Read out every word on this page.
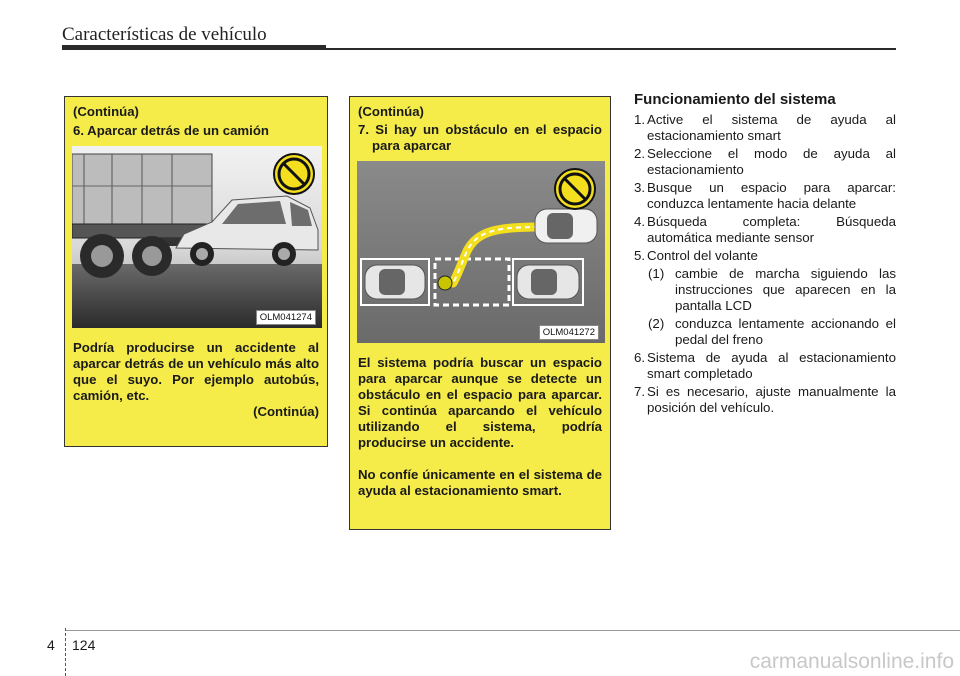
Características de vehículo

(Continúa)

6. Aparcar detrás de un camión

OLM041274

Podría producirse un accidente al aparcar detrás de un vehículo más alto que el suyo. Por ejemplo autobús, camión, etc.

(Continúa)

(Continúa)

7. Si hay un obstáculo en el espacio para aparcar

OLM041272

El sistema podría buscar un espacio para aparcar aunque se detecte un obstáculo en el espacio para aparcar. Si continúa aparcando el vehículo utilizando el sistema, podría producirse un accidente.

No confíe únicamente en el sistema de ayuda al estacionamiento smart.

Funcionamiento del sistema
1. Active el sistema de ayuda al estacionamiento smart
2. Seleccione el modo de ayuda al estacionamiento
3. Busque un espacio para aparcar: conduzca lentamente hacia delante
4. Búsqueda completa: Búsqueda automática mediante sensor
5. Control del volante
(1) cambie de marcha siguiendo las instrucciones que aparecen en la pantalla LCD
(2) conduzca lentamente accionando el pedal del freno
6. Sistema de ayuda al estacionamiento smart completado
7. Si es necesario, ajuste manualmente la posición del vehículo.
4 124
carmanualsonline.info
